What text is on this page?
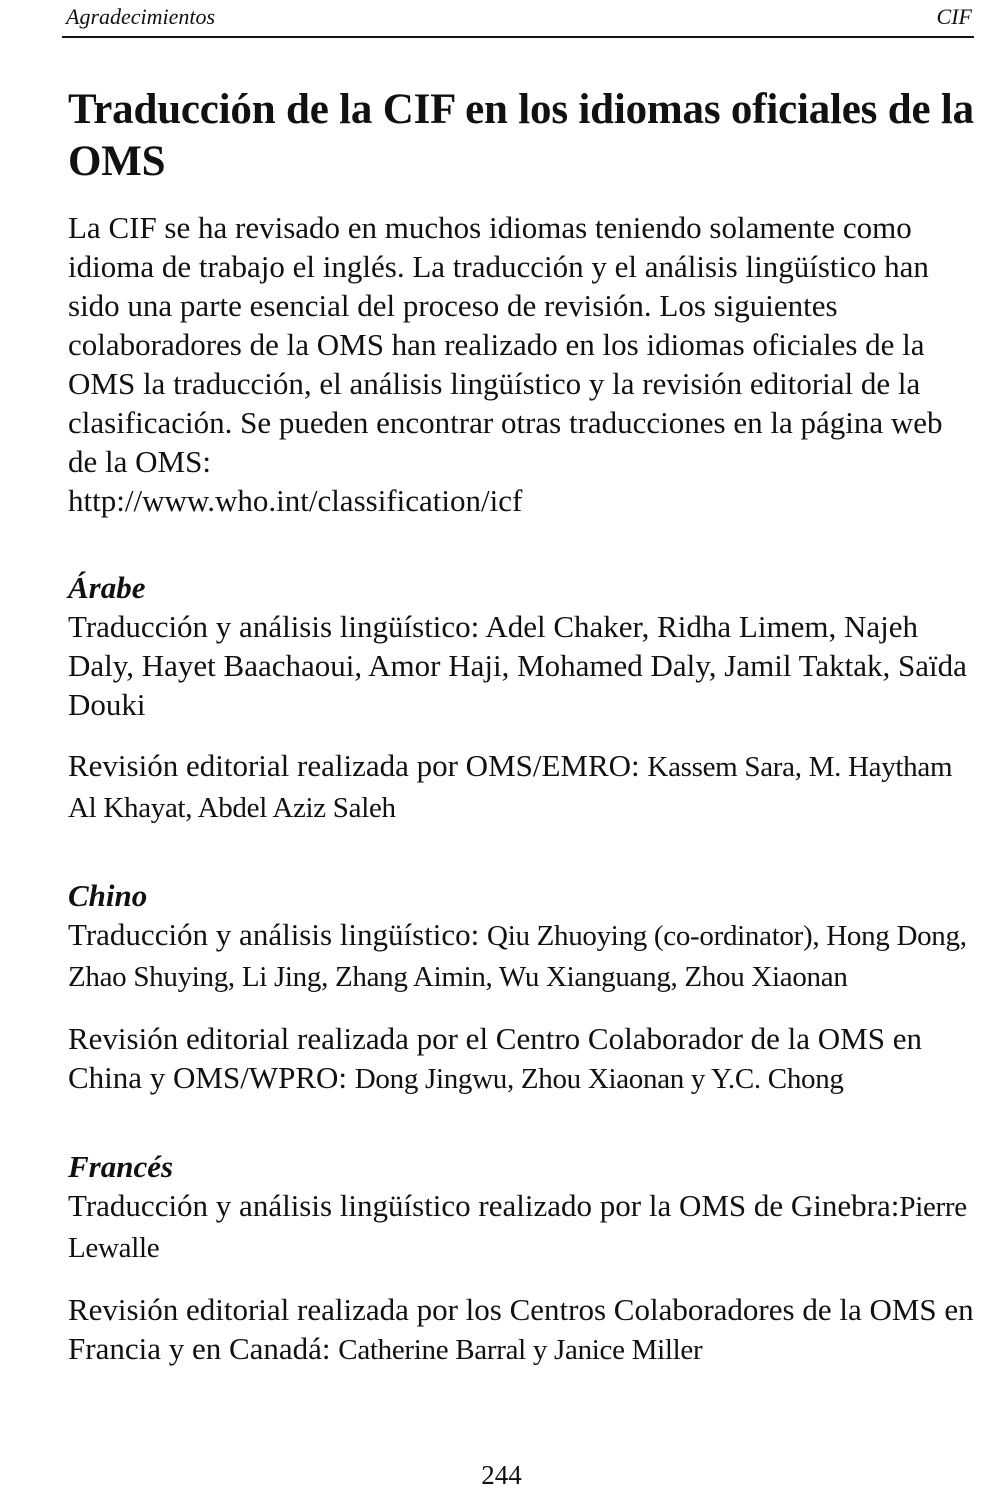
Agradecimientos	CIF
Traducción de la CIF en los idiomas oficiales de la OMS

La CIF se ha revisado en muchos idiomas teniendo solamente como idioma de trabajo el inglés. La traducción y el análisis lingüístico han sido una parte esencial del proceso de revisión. Los siguientes colaboradores de la OMS han realizado en los idiomas oficiales de la OMS la traducción, el análisis lingüístico y la revisión editorial de la clasificación. Se pueden encontrar otras traducciones en la página web de la OMS:
http://www.who.int/classification/icf

Árabe

Traducción y análisis lingüístico: Adel Chaker, Ridha Limem, Najeh Daly, Hayet Baachaoui, Amor Haji, Mohamed Daly, Jamil Taktak, Saïda Douki

Revisión editorial realizada por OMS/EMRO: Kassem Sara, M. Haytham Al Khayat, Abdel Aziz Saleh

Chino

Traducción y análisis lingüístico: Qiu Zhuoying (co-ordinator), Hong Dong, Zhao Shuying, Li Jing, Zhang Aimin, Wu Xianguang, Zhou Xiaonan

Revisión editorial realizada por el Centro Colaborador de la OMS en China y OMS/WPRO: Dong Jingwu, Zhou Xiaonan y Y.C. Chong

Francés

Traducción y análisis lingüístico realizado por la OMS de Ginebra:Pierre Lewalle

Revisión editorial realizada por los Centros Colaboradores de la OMS en Francia y en Canadá: Catherine Barral y Janice Miller

244
